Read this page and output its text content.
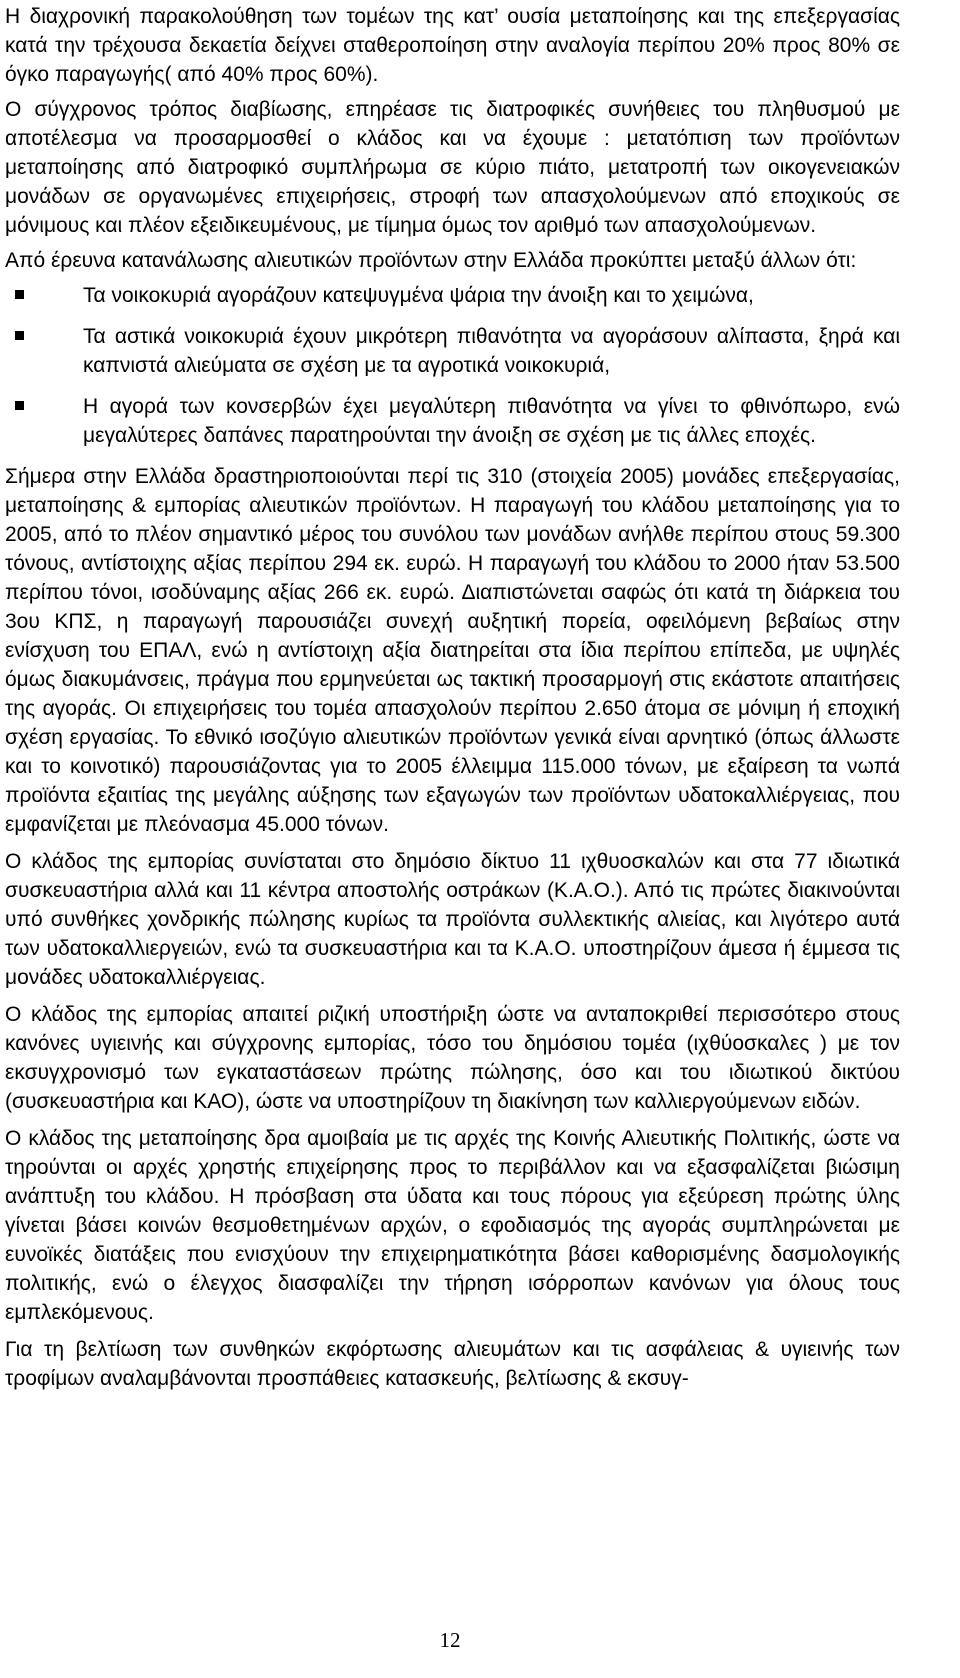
Η διαχρονική παρακολούθηση των τομέων της κατ’ ουσία μεταποίησης και της επεξεργασίας κατά την τρέχουσα δεκαετία δείχνει σταθεροποίηση στην αναλογία περίπου 20% προς 80% σε όγκο παραγωγής( από 40% προς 60%).

Ο σύγχρονος τρόπος διαβίωσης, επηρέασε τις διατροφικές συνήθειες του πληθυσμού με αποτέλεσμα να προσαρμοσθεί ο κλάδος και να έχουμε : μετατόπιση των προϊόντων μεταποίησης από διατροφικό συμπλήρωμα σε κύριο πιάτο, μετατροπή των οικογενειακών μονάδων σε οργανωμένες επιχειρήσεις, στροφή των απασχολούμενων από εποχικούς σε μόνιμους και πλέον εξειδικευμένους, με τίμημα όμως τον αριθμό των απασχολούμενων.

Από έρευνα κατανάλωσης αλιευτικών προϊόντων στην Ελλάδα προκύπτει μεταξύ άλλων ότι:

Τα νοικοκυριά αγοράζουν κατεψυγμένα ψάρια την άνοιξη και το χειμώνα,
Τα αστικά νοικοκυριά έχουν μικρότερη πιθανότητα να αγοράσουν αλίπαστα, ξηρά και καπνιστά αλιεύματα σε σχέση με τα αγροτικά νοικοκυριά,
Η αγορά των κονσερβών έχει μεγαλύτερη πιθανότητα να γίνει το φθινόπωρο, ενώ μεγαλύτερες δαπάνες παρατηρούνται την άνοιξη σε σχέση με τις άλλες εποχές.

Σήμερα στην Ελλάδα δραστηριοποιούνται περί τις 310 (στοιχεία 2005) μονάδες επεξεργασίας, μεταποίησης & εμπορίας αλιευτικών προϊόντων. Η παραγωγή του κλάδου μεταποίησης για το 2005, από το πλέον σημαντικό μέρος του συνόλου των μονάδων ανήλθε περίπου στους 59.300 τόνους, αντίστοιχης αξίας περίπου 294 εκ. ευρώ. Η παραγωγή του κλάδου το 2000 ήταν 53.500 περίπου τόνοι, ισοδύναμης αξίας 266 εκ. ευρώ. Διαπιστώνεται σαφώς ότι κατά τη διάρκεια του 3ου ΚΠΣ, η παραγωγή παρουσιάζει συνεχή αυξητική πορεία, οφειλόμενη βεβαίως στην ενίσχυση του ΕΠΑΛ, ενώ η αντίστοιχη αξία διατηρείται στα ίδια περίπου επίπεδα, με υψηλές όμως διακυμάνσεις, πράγμα που ερμηνεύεται ως τακτική προσαρμογή στις εκάστοτε απαιτήσεις της αγοράς. Οι επιχειρήσεις του τομέα απασχολούν περίπου 2.650 άτομα σε μόνιμη ή εποχική σχέση εργασίας. Το εθνικό ισοζύγιο αλιευτικών προϊόντων γενικά είναι αρνητικό (όπως άλλωστε και το κοινοτικό) παρουσιάζοντας για το 2005 έλλειμμα 115.000 τόνων, με εξαίρεση τα νωπά προϊόντα εξαιτίας της μεγάλης αύξησης των εξαγωγών των προϊόντων υδατοκαλλιέργειας, που εμφανίζεται με πλεόνασμα 45.000 τόνων.

Ο κλάδος της εμπορίας συνίσταται στο δημόσιο δίκτυο 11 ιχθυοσκαλών και στα 77 ιδιωτικά συσκευαστήρια αλλά και 11 κέντρα αποστολής οστράκων (Κ.Α.Ο.). Από τις πρώτες διακινούνται υπό συνθήκες χονδρικής πώλησης κυρίως τα προϊόντα συλλεκτικής αλιείας, και λιγότερο αυτά των υδατοκαλλιεργειών, ενώ τα συσκευαστήρια και τα Κ.Α.Ο. υποστηρίζουν άμεσα ή έμμεσα τις μονάδες υδατοκαλλιέργειας.

Ο κλάδος της εμπορίας απαιτεί ριζική υποστήριξη ώστε να ανταποκριθεί περισσότερο στους κανόνες υγιεινής και σύγχρονης εμπορίας, τόσο του δημόσιου τομέα (ιχθύοσκαλες ) με τον εκσυγχρονισμό των εγκαταστάσεων πρώτης πώλησης, όσο και του ιδιωτικού δικτύου (συσκευαστήρια και ΚΑΟ), ώστε να υποστηρίζουν τη διακίνηση των καλλιεργούμενων ειδών.

Ο κλάδος της μεταποίησης δρα αμοιβαία με τις αρχές της Κοινής Αλιευτικής Πολιτικής, ώστε να τηρούνται οι αρχές χρηστής επιχείρησης προς το περιβάλλον και να εξασφαλίζεται βιώσιμη ανάπτυξη του κλάδου. Η πρόσβαση στα ύδατα και τους πόρους για εξεύρεση πρώτης ύλης γίνεται βάσει κοινών θεσμοθετημένων αρχών, ο εφοδιασμός της αγοράς συμπληρώνεται με ευνοϊκές διατάξεις που ενισχύουν την επιχειρηματικότητα βάσει καθορισμένης δασμολογικής πολιτικής, ενώ ο έλεγχος διασφαλίζει την τήρηση ισόρροπων κανόνων για όλους τους εμπλεκόμενους.

Για τη βελτίωση των συνθηκών εκφόρτωσης αλιευμάτων και τις ασφάλειας & υγιεινής των τροφίμων αναλαμβάνονται προσπάθειες κατασκευής, βελτίωσης & εκσυγ-

12
